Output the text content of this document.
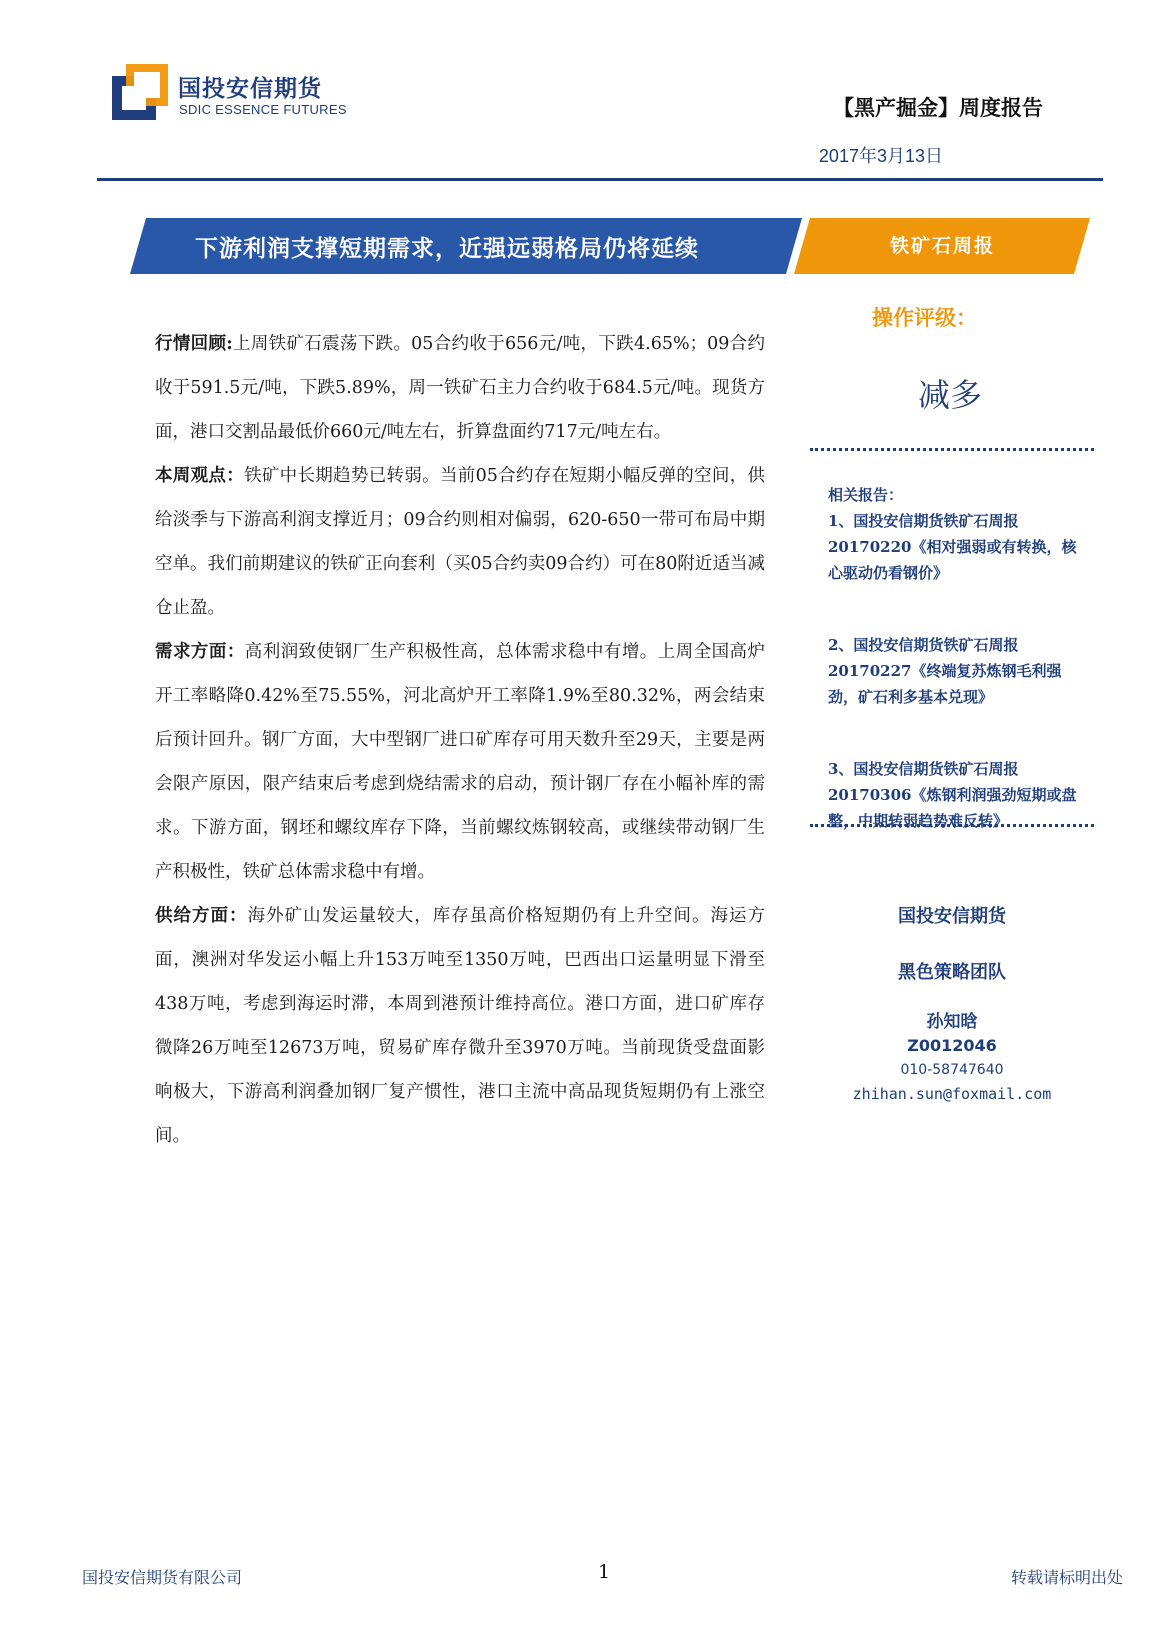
国投安信期货
SDIC ESSENCE FUTURES	【黑产掘金】周度报告
2017年3月13日
下游利润支撑短期需求，近强远弱格局仍将延续	铁矿石周报

行情回顾:上周铁矿石震荡下跌。05合约收于656元/吨，下跌4.65%；09合约收于591.5元/吨，下跌5.89%，周一铁矿石主力合约收于684.5元/吨。现货方面，港口交割品最低价660元/吨左右，折算盘面约717元/吨左右。

本周观点：铁矿中长期趋势已转弱。当前05合约存在短期小幅反弹的空间，供给淡季与下游高利润支撑近月；09合约则相对偏弱，620-650一带可布局中期空单。我们前期建议的铁矿正向套利（买05合约卖09合约）可在80附近适当减仓止盈。

需求方面：高利润致使钢厂生产积极性高，总体需求稳中有增。上周全国高炉开工率略降0.42%至75.55%，河北高炉开工率降1.9%至80.32%，两会结束后预计回升。钢厂方面，大中型钢厂进口矿库存可用天数升至29天，主要是两会限产原因，限产结束后考虑到烧结需求的启动，预计钢厂存在小幅补库的需求。下游方面，钢坯和螺纹库存下降，当前螺纹炼钢较高，或继续带动钢厂生产积极性，铁矿总体需求稳中有增。

供给方面：海外矿山发运量较大，库存虽高价格短期仍有上升空间。海运方面，澳洲对华发运小幅上升153万吨至1350万吨，巴西出口运量明显下滑至438万吨，考虑到海运时滞，本周到港预计维持高位。港口方面，进口矿库存微降26万吨至12673万吨，贸易矿库存微升至3970万吨。当前现货受盘面影响极大，下游高利润叠加钢厂复产惯性，港口主流中高品现货短期仍有上涨空间。

操作评级：
减多
相关报告：

1、国投安信期货铁矿石周报

20170220《相对强弱或有转换，核心驱动仍看钢价》

2、国投安信期货铁矿石周报

20170227《终端复苏炼钢毛利强劲，矿石利多基本兑现》

3、国投安信期货铁矿石周报

20170306《炼钢利润强劲短期或盘整，中期转弱趋势难反转》

国投安信期货
黑色策略团队
孙知晗
Z0012046
010-58747640
zhihan.sun@foxmail.com
国投安信期货有限公司	1	转载请标明出处
